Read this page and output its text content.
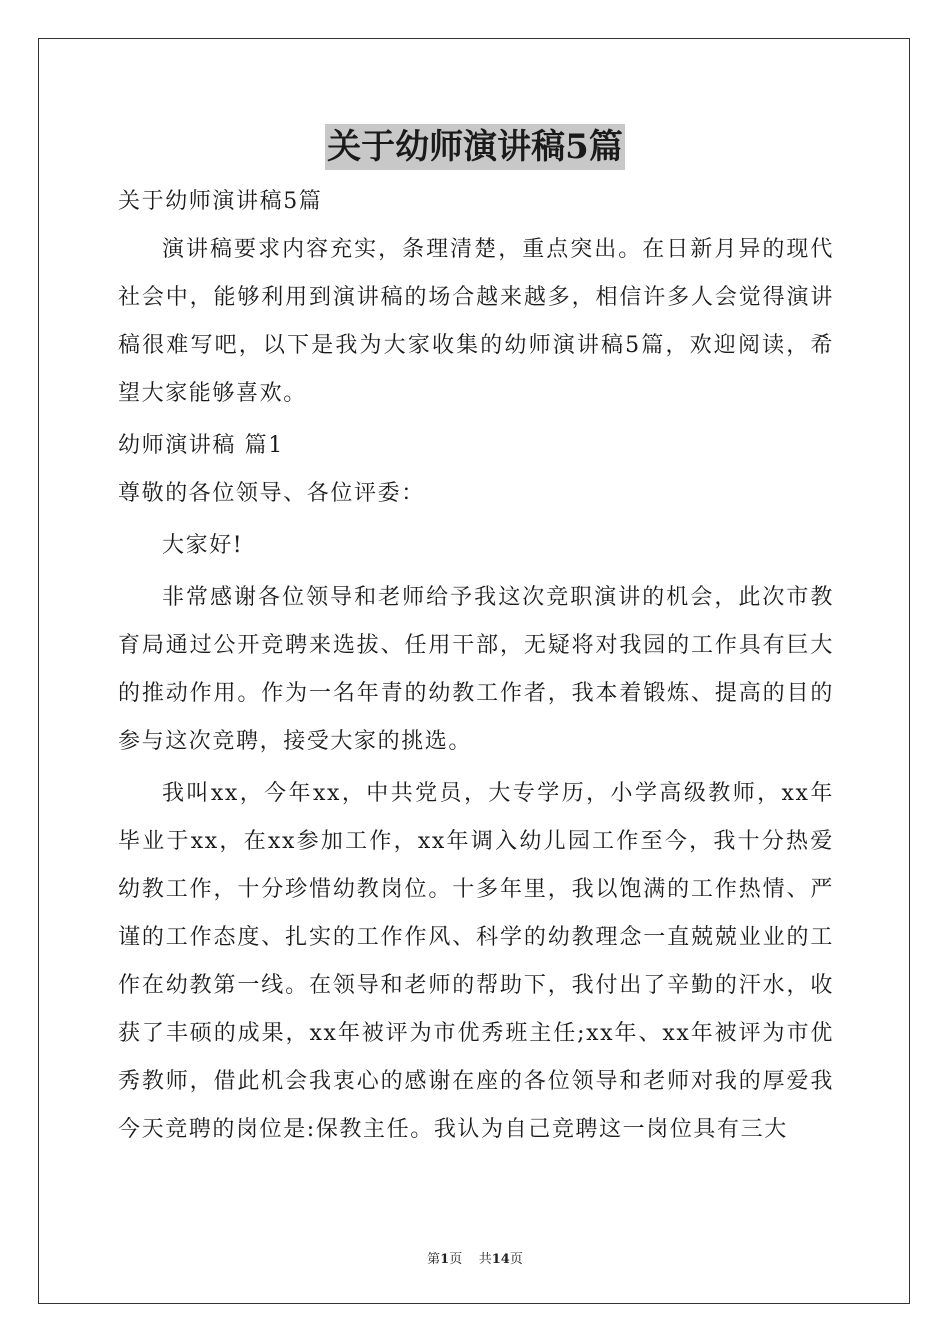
关于幼师演讲稿5篇

关于幼师演讲稿5篇

演讲稿要求内容充实，条理清楚，重点突出。在日新月异的现代社会中，能够利用到演讲稿的场合越来越多，相信许多人会觉得演讲稿很难写吧，以下是我为大家收集的幼师演讲稿5篇，欢迎阅读，希望大家能够喜欢。

幼师演讲稿 篇1

尊敬的各位领导、各位评委：

大家好!

非常感谢各位领导和老师给予我这次竞职演讲的机会，此次市教育局通过公开竞聘来选拔、任用干部，无疑将对我园的工作具有巨大的推动作用。作为一名年青的幼教工作者，我本着锻炼、提高的目的参与这次竞聘，接受大家的挑选。

我叫xx，今年xx，中共党员，大专学历，小学高级教师，xx年毕业于xx，在xx参加工作，xx年调入幼儿园工作至今，我十分热爱幼教工作，十分珍惜幼教岗位。十多年里，我以饱满的工作热情、严谨的工作态度、扎实的工作作风、科学的幼教理念一直兢兢业业的工作在幼教第一线。在领导和老师的帮助下，我付出了辛勤的汗水，收获了丰硕的成果，xx年被评为市优秀班主任;xx年、xx年被评为市优秀教师，借此机会我衷心的感谢在座的各位领导和老师对我的厚爱我今天竞聘的岗位是:保教主任。我认为自己竞聘这一岗位具有三大

第1页    共14页
